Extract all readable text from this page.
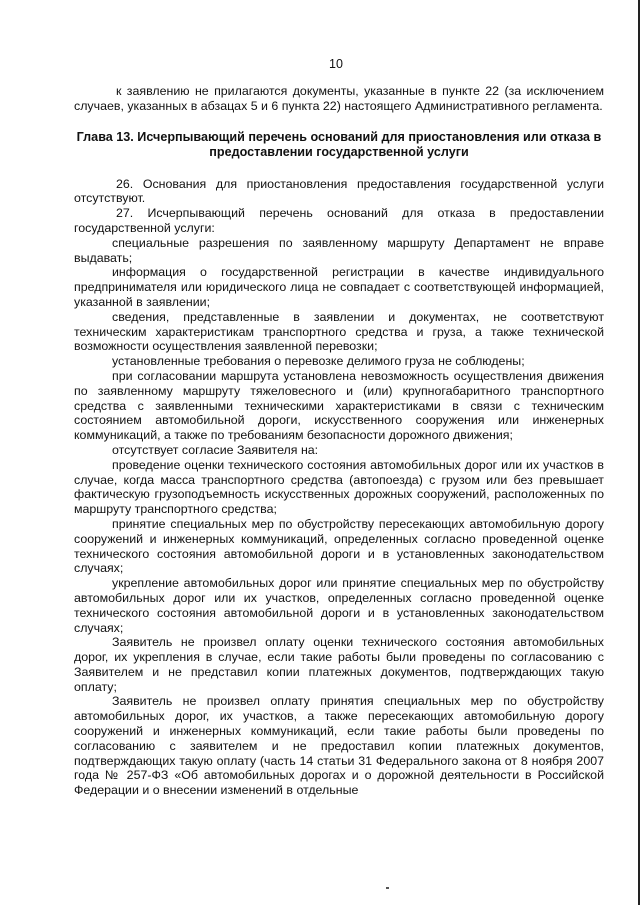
10

к заявлению не прилагаются документы, указанные в пункте 22 (за исключением случаев, указанных в абзацах 5 и 6 пункта 22) настоящего Административного регламента.

Глава 13. Исчерпывающий перечень оснований для приостановления или отказа в предоставлении государственной услуги

26. Основания для приостановления предоставления государственной услуги отсутствуют.

27. Исчерпывающий перечень оснований для отказа в предоставлении государственной услуги:

специальные разрешения по заявленному маршруту Департамент не вправе выдавать;

информация о государственной регистрации в качестве индивидуального предпринимателя или юридического лица не совпадает с соответствующей информацией, указанной в заявлении;

сведения, представленные в заявлении и документах, не соответствуют техническим характеристикам транспортного средства и груза, а также технической возможности осуществления заявленной перевозки;

установленные требования о перевозке делимого груза не соблюдены;

при согласовании маршрута установлена невозможность осуществления движения по заявленному маршруту тяжеловесного и (или) крупногабаритного транспортного средства с заявленными техническими характеристиками в связи с техническим состоянием автомобильной дороги, искусственного сооружения или инженерных коммуникаций, а также по требованиям безопасности дорожного движения;

отсутствует согласие Заявителя на:

проведение оценки технического состояния автомобильных дорог или их участков в случае, когда масса транспортного средства (автопоезда) с грузом или без превышает фактическую грузоподъемность искусственных дорожных сооружений, расположенных по маршруту транспортного средства;

принятие специальных мер по обустройству пересекающих автомобильную дорогу сооружений и инженерных коммуникаций, определенных согласно проведенной оценке технического состояния автомобильной дороги и в установленных законодательством случаях;

укрепление автомобильных дорог или принятие специальных мер по обустройству автомобильных дорог или их участков, определенных согласно проведенной оценке технического состояния автомобильной дороги и в установленных законодательством случаях;

Заявитель не произвел оплату оценки технического состояния автомобильных дорог, их укрепления в случае, если такие работы были проведены по согласованию с Заявителем и не представил копии платежных документов, подтверждающих такую оплату;

Заявитель не произвел оплату принятия специальных мер по обустройству автомобильных дорог, их участков, а также пересекающих автомобильную дорогу сооружений и инженерных коммуникаций, если такие работы были проведены по согласованию с заявителем и не предоставил копии платежных документов, подтверждающих такую оплату (часть 14 статьи 31 Федерального закона от 8 ноября 2007 года № 257-ФЗ «Об автомобильных дорогах и о дорожной деятельности в Российской Федерации и о внесении изменений в отдельные
